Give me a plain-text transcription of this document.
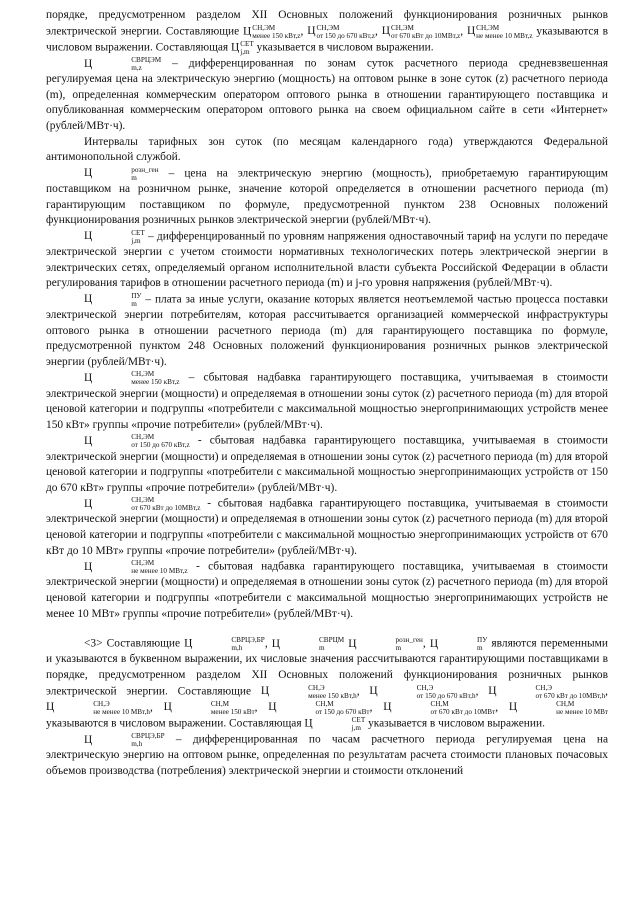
порядке, предусмотренном разделом XII Основных положений функционирования розничных рынков электрической энергии. Составляющие Ц СН,ЭМ
менее 150 кВт,z , Ц СН,ЭМ
от 150 до 670 кВт,z , Ц СН,ЭМ
от 670 кВт до 10МВт,z , Ц СН,ЭМ
не менее 10 МВт,z указываются в числовом выражении. Составляющая Ц СЕТ
j,m указывается в числовом выражении.

Ц	СВРЦЭМ
m,z	– дифференцированная по зонам суток расчетного периода средневзвешенная регулируемая цена на электрическую энергию (мощность) на оптовом рынке в зоне суток (z) расчетного периода (m), определенная коммерческим оператором оптового рынка в отношении гарантирующего поставщика и опубликованная коммерческим оператором оптового рынка на своем официальном сайте в сети «Интернет» (рублей/МВт·ч).

Интервалы тарифных зон суток (по месяцам календарного года) утверждаются Федеральной антимонопольной службой.

Ц	розн_ген
m	– цена на электрическую энергию (мощность), приобретаемую гарантирующим поставщиком на розничном рынке, значение которой определяется в отношении расчетного периода (m) гарантирующим поставщиком по формуле, предусмотренной пунктом 238 Основных положений функционирования розничных рынков электрической энергии (рублей/МВт·ч).

Ц	СЕТ
j,m – дифференцированный по уровням напряжения одноставочный тариф на услуги по передаче электрической энергии с учетом стоимости нормативных технологических потерь электрической энергии в электрических сетях, определяемый органом исполнительной власти субъекта Российской Федерации в области регулирования тарифов в отношении расчетного периода (m) и j-го уровня напряжения (рублей/МВт·ч).

Ц	ПУ
m – плата за иные услуги, оказание которых является неотъемлемой частью процесса поставки электрической энергии потребителям, которая рассчитывается организацией коммерческой инфраструктуры оптового рынка в отношении расчетного периода (m) для гарантирующего поставщика по формуле, предусмотренной пунктом 248 Основных положений функционирования розничных рынков электрической энергии (рублей/МВт·ч).

Ц	СН,ЭМ
менее 150 кВт,z – сбытовая надбавка гарантирующего поставщика, учитываемая в стоимости электрической энергии (мощности) и определяемая в отношении зоны суток (z) расчетного периода (m) для второй ценовой категории и подгруппы «потребители с максимальной мощностью энергопринимающих устройств менее 150 кВт» группы «прочие потребители» (рублей/МВт·ч).

Ц	СН,ЭМ
от 150 до 670 кВт,z - сбытовая надбавка гарантирующего поставщика, учитываемая в стоимости электрической энергии (мощности) и определяемая в отношении зоны суток (z) расчетного периода (m) для второй ценовой категории и подгруппы «потребители с максимальной мощностью энергопринимающих устройств от 150 до 670 кВт» группы «прочие потребители» (рублей/МВт·ч).

Ц	СН,ЭМ
от 670 кВт до 10МВт,z - сбытовая надбавка гарантирующего поставщика, учитываемая в стоимости электрической энергии (мощности) и определяемая в отношении зоны суток (z) расчетного периода (m) для второй ценовой категории и подгруппы «потребители с максимальной мощностью энергопринимающих устройств от 670 кВт до 10 МВт» группы «прочие потребители» (рублей/МВт·ч).

Ц	СН,ЭМ
не менее 10 МВт,z - сбытовая надбавка гарантирующего поставщика, учитываемая в стоимости электрической энергии (мощности) и определяемая в отношении зоны суток (z) расчетного периода (m) для второй ценовой категории и подгруппы «потребители с максимальной мощностью энергопринимающих устройств не менее 10 МВт» группы «прочие потребители» (рублей/МВт·ч).

<3> Составляющие Ц	СВРЦЭ,БР
m,h	, Ц	СВРЦМ
m	Ц	розн_ген
m	, Ц	ПУ
m являются переменными и указываются в буквенном выражении, их числовые значения рассчитываются гарантирующими поставщиками в порядке, предусмотренном разделом XII Основных положений функционирования розничных рынков электрической энергии. Составляющие Ц	СН,Э
менее 150 кВт,h , Ц	СН,Э
от 150 до 670 кВт,h , Ц	СН,Э
от 670 кВт до 10МВт,h , Ц	СН,Э
не менее 10 МВт,h , Ц	СН,М
менее 150 кВт , Ц	СН,М
от 150 до 670 кВт , Ц	СН,М
от 670 кВт до 10МВт , Ц	СН,М
не менее 10 МВт
указываются в числовом выражении. Составляющая Ц	СЕТ
j,m указывается в числовом выражении.

Ц	СВРЦЭ,БР
m,h	– дифференцированная по часам расчетного периода регулируемая цена на электрическую энергию на оптовом рынке, определенная по результатам расчета стоимости плановых почасовых объемов производства (потребления) электрической энергии и стоимости отклонений
